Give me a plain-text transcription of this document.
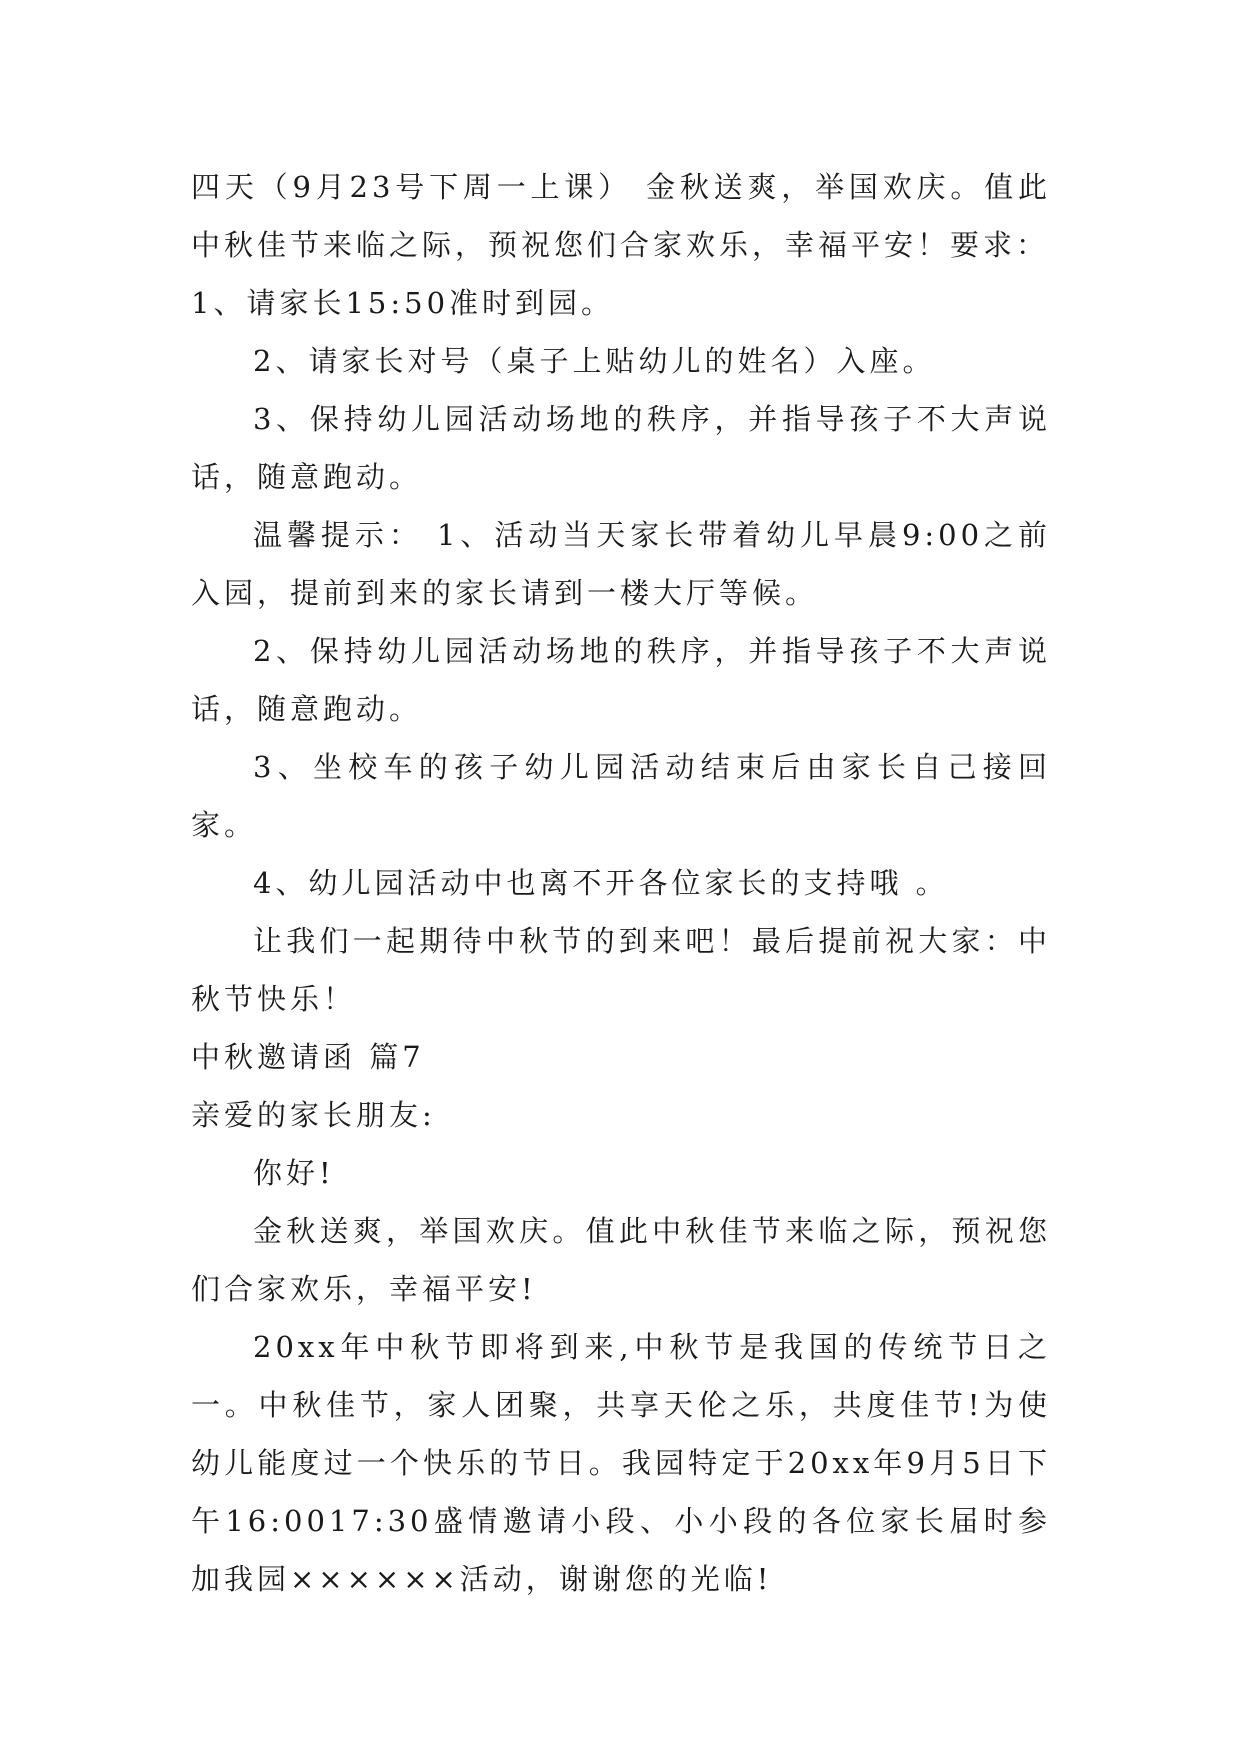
四天（9月23号下周一上课） 金秋送爽，举国欢庆。值此中秋佳节来临之际，预祝您们合家欢乐，幸福平安！要求：

1、请家长15:50准时到园。

2、请家长对号（桌子上贴幼儿的姓名）入座。

3、保持幼儿园活动场地的秩序，并指导孩子不大声说话，随意跑动。

温馨提示： 1、活动当天家长带着幼儿早晨9:00之前入园，提前到来的家长请到一楼大厅等候。

2、保持幼儿园活动场地的秩序，并指导孩子不大声说话，随意跑动。

3、坐校车的孩子幼儿园活动结束后由家长自己接回家。

4、幼儿园活动中也离不开各位家长的支持哦 。

让我们一起期待中秋节的到来吧！最后提前祝大家：中秋节快乐！

中秋邀请函 篇7

亲爱的家长朋友:

你好!

金秋送爽，举国欢庆。值此中秋佳节来临之际，预祝您们合家欢乐，幸福平安!

20xx年中秋节即将到来,中秋节是我国的传统节日之一。中秋佳节，家人团聚，共享天伦之乐，共度佳节!为使幼儿能度过一个快乐的节日。我园特定于20xx年9月5日下午16:0017:30盛情邀请小段、小小段的各位家长届时参加我园××××××活动，谢谢您的光临!
